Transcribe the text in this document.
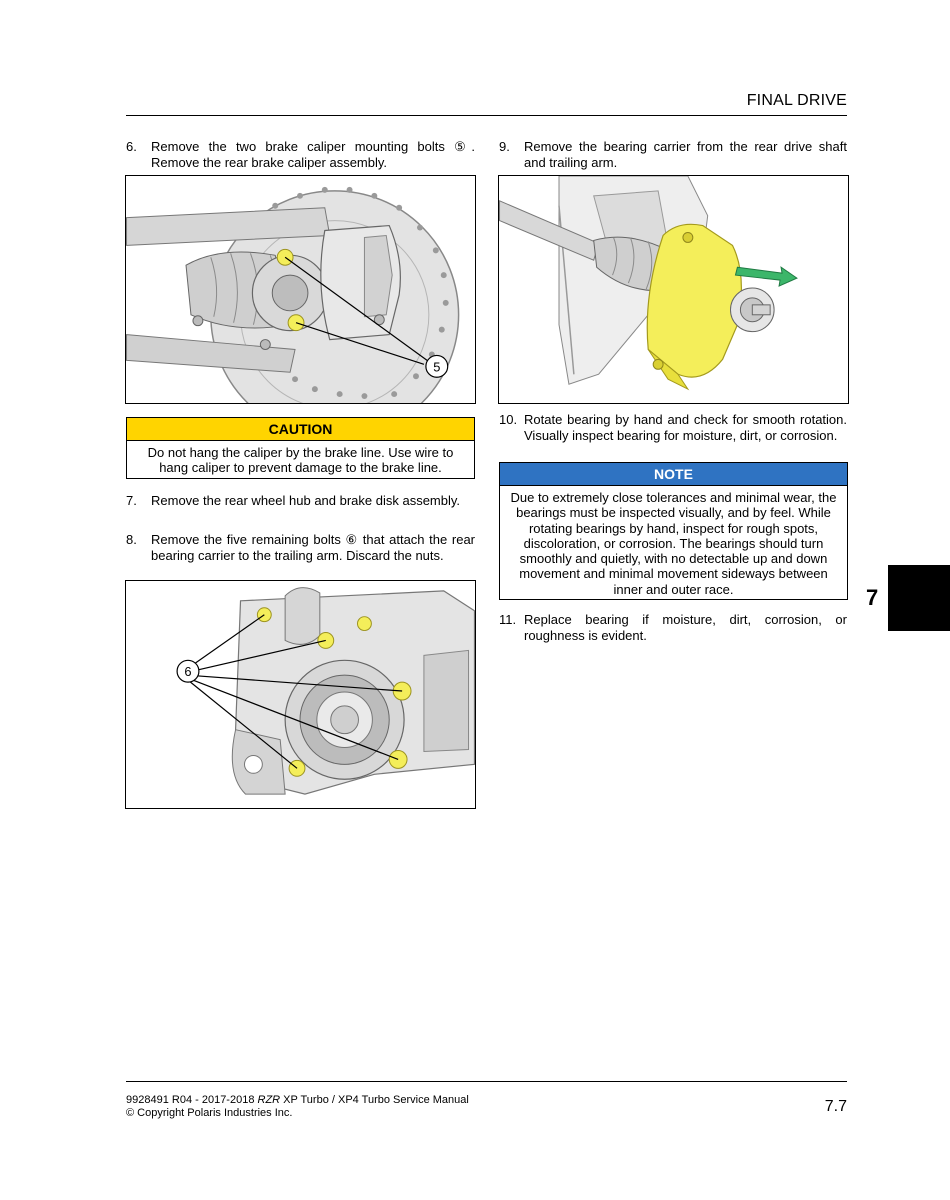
FINAL DRIVE
6. Remove the two brake caliper mounting bolts ⑤. Remove the rear brake caliper assembly.
5
CAUTION
Do not hang the caliper by the brake line. Use wire to hang caliper to prevent damage to the brake line.
7. Remove the rear wheel hub and brake disk assembly.
8. Remove the five remaining bolts ⑥ that attach the rear bearing carrier to the trailing arm. Discard the nuts.
6
9. Remove the bearing carrier from the rear drive shaft and trailing arm.
10. Rotate bearing by hand and check for smooth rotation. Visually inspect bearing for moisture, dirt, or corrosion.
NOTE
Due to extremely close tolerances and minimal wear, the bearings must be inspected visually, and by feel. While rotating bearings by hand, inspect for rough spots, discoloration, or corrosion. The bearings should turn smoothly and quietly, with no detectable up and down movement and minimal movement sideways between inner and outer race.
11. Replace bearing if moisture, dirt, corrosion, or roughness is evident.
7
9928491 R04 - 2017-2018 RZR XP Turbo / XP4 Turbo Service Manual
© Copyright Polaris Industries Inc.	7.7
